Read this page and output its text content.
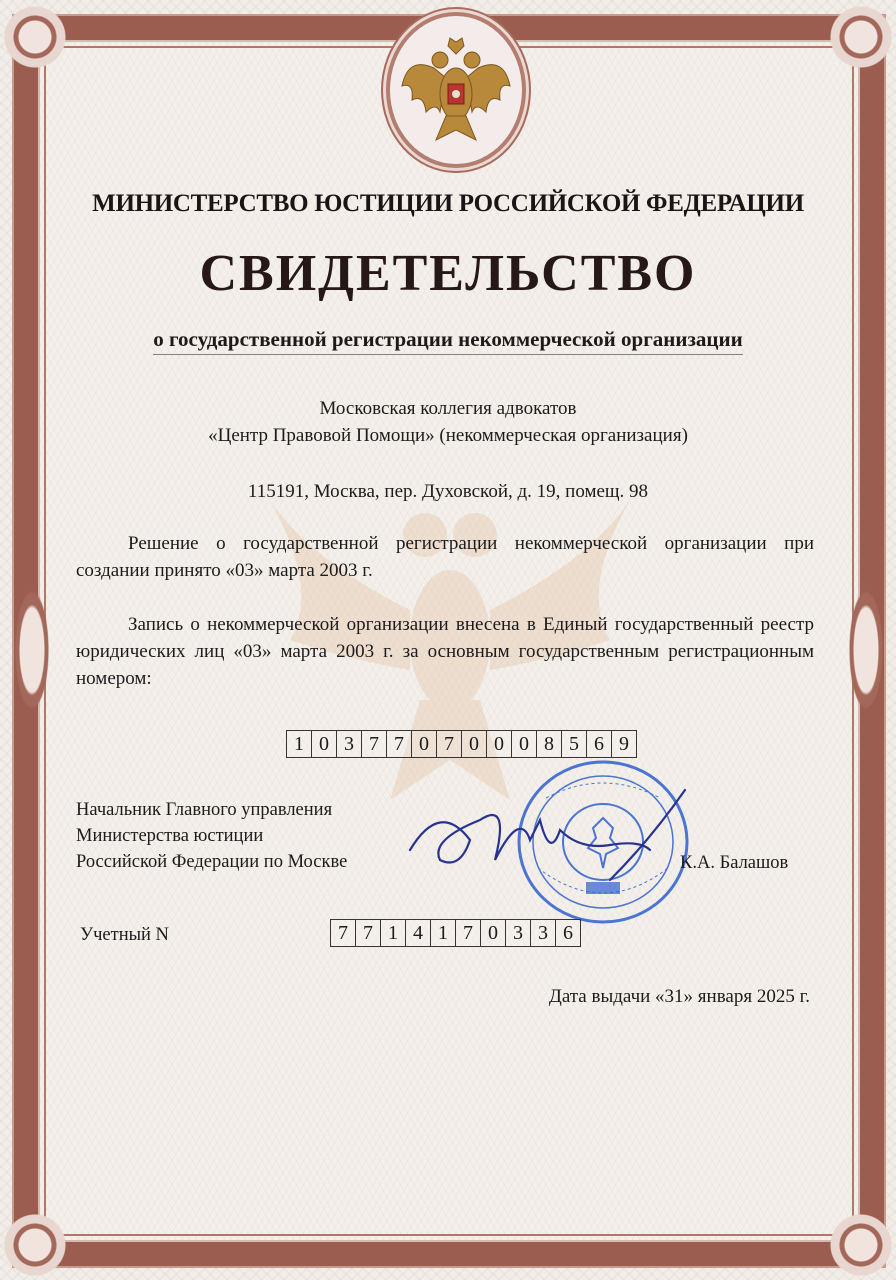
МИНИСТЕРСТВО ЮСТИЦИИ РОССИЙСКОЙ ФЕДЕРАЦИИ
СВИДЕТЕЛЬСТВО
о государственной регистрации некоммерческой организации
Московская коллегия адвокатов
«Центр Правовой Помощи» (некоммерческая организация)
115191, Москва, пер. Духовской, д. 19, помещ. 98
Решение о государственной регистрации некоммерческой организации при создании принято «03» марта 2003 г.
Запись о некоммерческой организации внесена в Единый государственный реестр юридических лиц «03» марта 2003 г. за основным государственным регистрационным номером:
1 0 3 7 7 0 7 0 0 0 8 5 6 9
Начальник Главного управления
Министерства юстиции
Российской Федерации по Москве	К.А. Балашов
Учетный N	7 7 1 4 1 7 0 3 3 6
Дата выдачи «31» января 2025 г.
